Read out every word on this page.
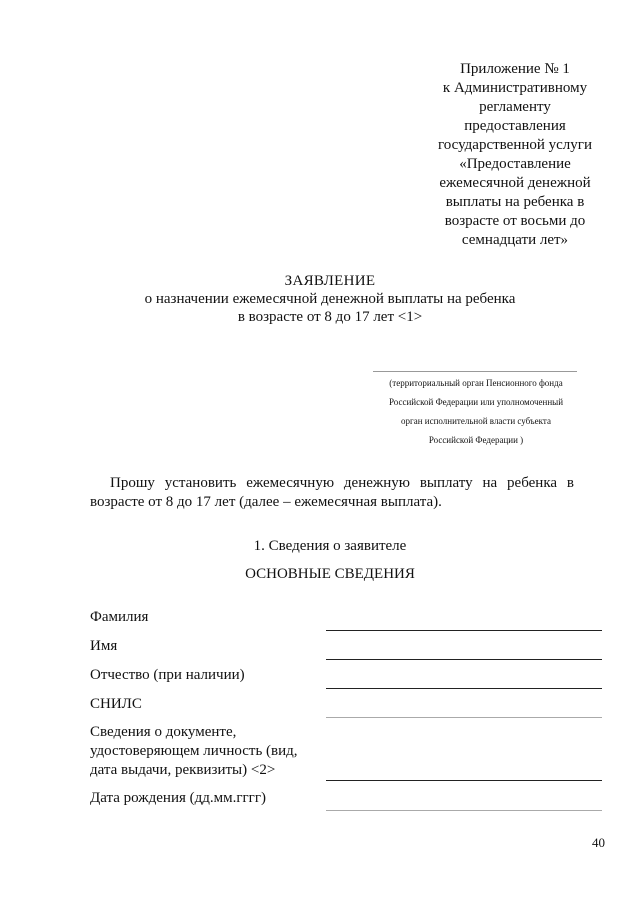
Приложение № 1
к Административному
регламенту
предоставления
государственной услуги
«Предоставление
ежемесячной денежной
выплаты на ребенка в
возрасте от восьми до
семнадцати лет»
ЗАЯВЛЕНИЕ
о назначении ежемесячной денежной выплаты на ребенка
в возрасте от 8 до 17 лет <1>
(территориальный орган Пенсионного фонда
Российской Федерации или уполномоченный
орган исполнительной власти субъекта
Российской Федерации )
Прошу установить ежемесячную денежную выплату на ребенка в
возрасте от 8 до 17 лет (далее – ежемесячная выплата).
1. Сведения о заявителе
ОСНОВНЫЕ СВЕДЕНИЯ
Фамилия
Имя
Отчество (при наличии)
СНИЛС
Сведения о документе,
удостоверяющем личность (вид,
дата выдачи, реквизиты) <2>
Дата рождения (дд.мм.гггг)
40
